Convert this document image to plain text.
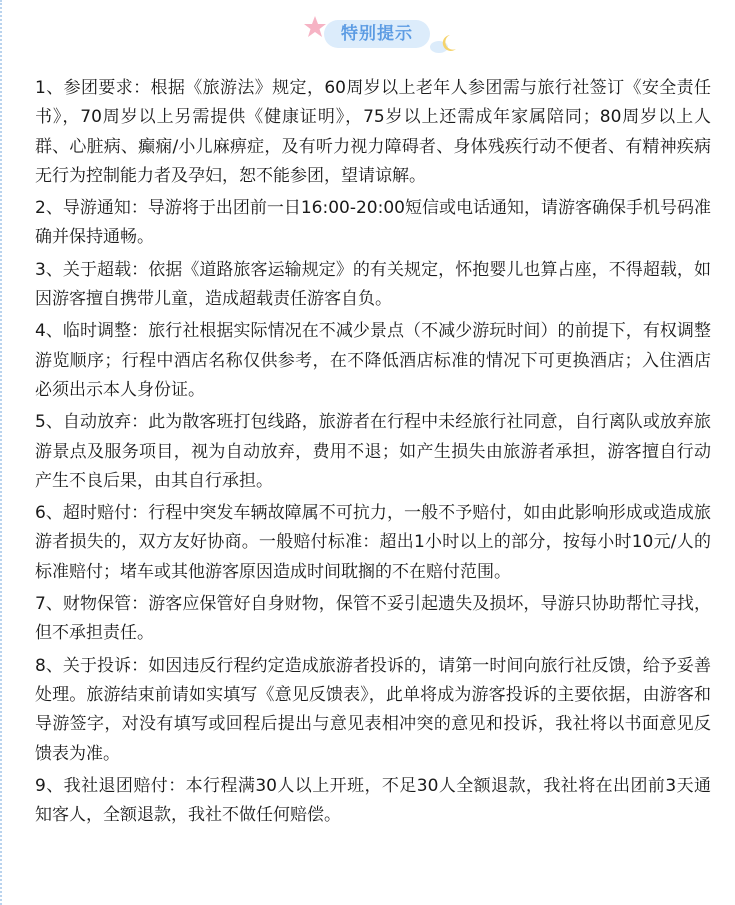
特别提示

1、参团要求：根据《旅游法》规定，60周岁以上老年人参团需与旅行社签订《安全责任书》，70周岁以上另需提供《健康证明》，75岁以上还需成年家属陪同；80周岁以上人群、心脏病、癫痫/小儿麻痹症，及有听力视力障碍者、身体残疾行动不便者、有精神疾病无行为控制能力者及孕妇，恕不能参团，望请谅解。

2、导游通知：导游将于出团前一日16:00-20:00短信或电话通知，请游客确保手机号码准确并保持通畅。

3、关于超载：依据《道路旅客运输规定》的有关规定，怀抱婴儿也算占座，不得超载，如因游客擅自携带儿童，造成超载责任游客自负。

4、临时调整：旅行社根据实际情况在不减少景点（不减少游玩时间）的前提下，有权调整游览顺序；行程中酒店名称仅供参考，在不降低酒店标准的情况下可更换酒店；入住酒店必须出示本人身份证。

5、自动放弃：此为散客班打包线路，旅游者在行程中未经旅行社同意，自行离队或放弃旅游景点及服务项目，视为自动放弃，费用不退；如产生损失由旅游者承担，游客擅自行动产生不良后果，由其自行承担。

6、超时赔付：行程中突发车辆故障属不可抗力，一般不予赔付，如由此影响形成或造成旅游者损失的，双方友好协商。一般赔付标准：超出1小时以上的部分，按每小时10元/人的标准赔付；堵车或其他游客原因造成时间耽搁的不在赔付范围。

7、财物保管：游客应保管好自身财物，保管不妥引起遗失及损坏，导游只协助帮忙寻找，但不承担责任。

8、关于投诉：如因违反行程约定造成旅游者投诉的，请第一时间向旅行社反馈，给予妥善处理。旅游结束前请如实填写《意见反馈表》，此单将成为游客投诉的主要依据，由游客和导游签字，对没有填写或回程后提出与意见表相冲突的意见和投诉，我社将以书面意见反馈表为准。

9、我社退团赔付：本行程满30人以上开班，不足30人全额退款，我社将在出团前3天通知客人，全额退款，我社不做任何赔偿。
